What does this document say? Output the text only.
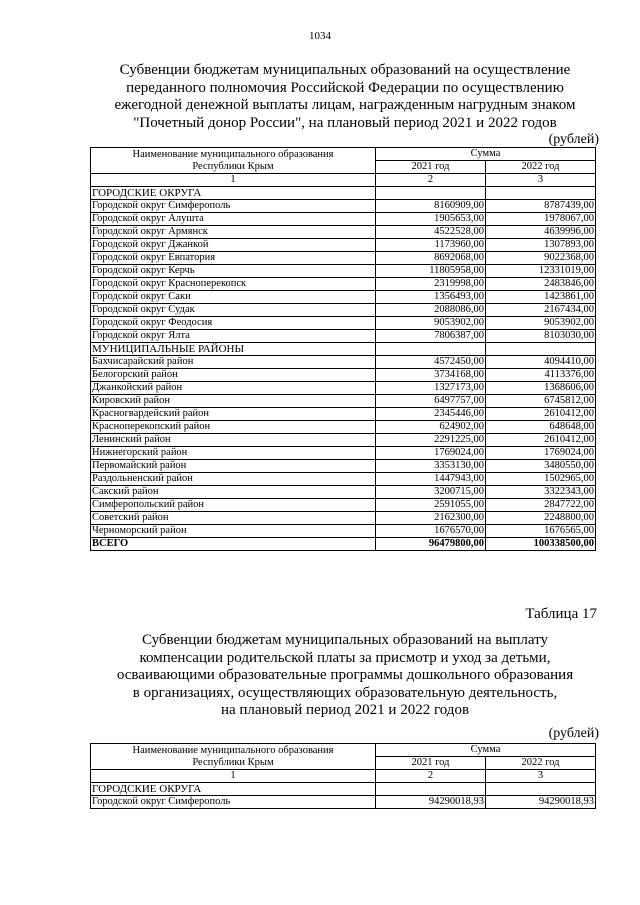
1034
Субвенции бюджетам муниципальных образований на осуществление
переданного полномочия Российской Федерации по осуществлению
ежегодной денежной выплаты лицам, награжденным нагрудным знаком
"Почетный донор России", на плановый период 2021 и 2022 годов
(рублей)
Наименование муниципального образования
Республики Крым	Сумма	
	2021 год	2022 год
1	2	3
ГОРОДСКИЕ ОКРУГА		
Городской округ Симферополь	8160909,00	8787439,00
Городской округ Алушта	1905653,00	1978067,00
Городской округ Армянск	4522528,00	4639996,00
Городской округ Джанкой	1173960,00	1307893,00
Городской округ Евпатория	8692068,00	9022368,00
Городской округ Керчь	11805958,00	12331019,00
Городской округ Красноперекопск	2319998,00	2483846,00
Городской округ Саки	1356493,00	1423861,00
Городской округ Судак	2088086,00	2167434,00
Городской округ Феодосия	9053902,00	9053902,00
Городской округ Ялта	7806387,00	8103030,00
МУНИЦИПАЛЬНЫЕ РАЙОНЫ		
Бахчисарайский район	4572450,00	4094410,00
Белогорский район	3734168,00	4113376,00
Джанкойский район	1327173,00	1368606,00
Кировский район	6497757,00	6745812,00
Красногвардейский район	2345446,00	2610412,00
Красноперекопский район	624902,00	648648,00
Ленинский район	2291225,00	2610412,00
Нижнегорский район	1769024,00	1769024,00
Первомайский район	3353130,00	3480550,00
Раздольненский район	1447943,00	1502965,00
Сакский район	3200715,00	3322343,00
Симферопольский район	2591055,00	2847722,00
Советский район	2162300,00	2248800,00
Черноморский район	1676570,00	1676565,00
ВСЕГО	96479800,00	100338500,00
Таблица 17
Субвенции бюджетам муниципальных образований на выплату
компенсации родительской платы за присмотр и уход за детьми,
осваивающими образовательные программы дошкольного образования
в организациях, осуществляющих образовательную деятельность,
на плановый период 2021 и 2022 годов
(рублей)
Наименование муниципального образования
Республики Крым	Сумма	
	2021 год	2022 год
1	2	3
ГОРОДСКИЕ ОКРУГА		
Городской округ Симферополь	94290018,93	94290018,93
